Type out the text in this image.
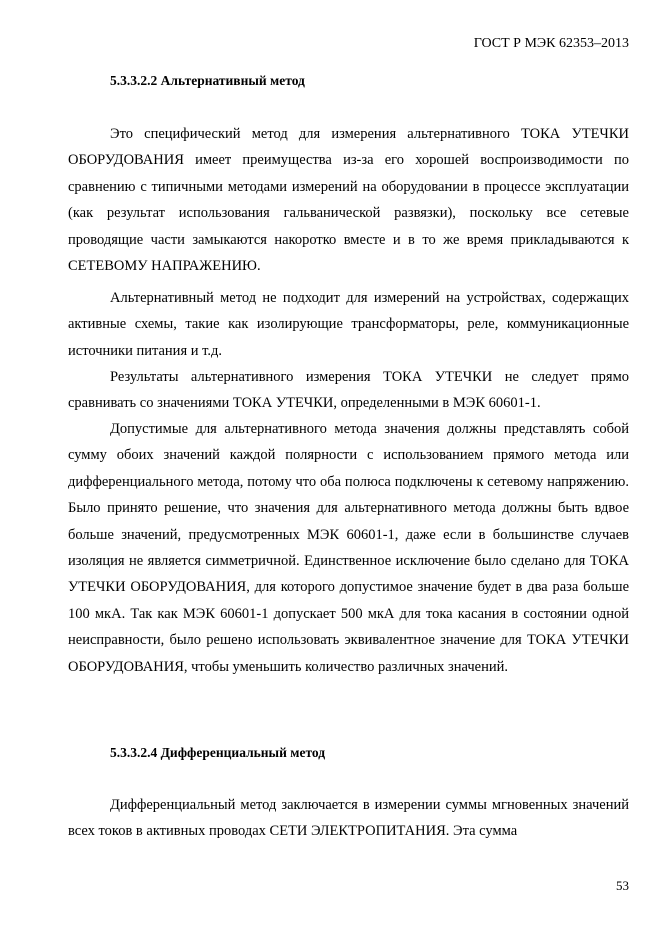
ГОСТ Р МЭК 62353–2013
5.3.3.2.2 Альтернативный метод

Это специфический метод для измерения альтернативного ТОКА УТЕЧКИ ОБОРУДОВАНИЯ имеет преимущества из-за его хорошей воспроизводимости по сравнению с типичными методами измерений на оборудовании в процессе эксплуатации (как результат использования гальванической развязки), поскольку все сетевые проводящие части замыкаются накоротко вместе и в то же время прикладываются к СЕТЕВОМУ НАПРАЖЕНИЮ.

Альтернативный метод не подходит для измерений на устройствах, содержащих активные схемы, такие как изолирующие трансформаторы, реле, коммуникационные источники питания и т.д.

Результаты альтернативного измерения ТОКА УТЕЧКИ не следует прямо сравнивать со значениями ТОКА УТЕЧКИ, определенными в МЭК 60601-1.

Допустимые для альтернативного метода значения должны представлять собой сумму обоих значений каждой полярности с использованием прямого метода или дифференциального метода, потому что оба полюса подключены к сетевому напряжению. Было принято решение, что значения для альтернативного метода должны быть вдвое больше значений, предусмотренных МЭК 60601-1, даже если в большинстве случаев изоляция не является симметричной. Единственное исключение было сделано для ТОКА УТЕЧКИ ОБОРУДОВАНИЯ, для которого допустимое значение будет в два раза больше 100 мкА. Так как МЭК 60601-1 допускает 500 мкА для тока касания в состоянии одной неисправности, было решено использовать эквивалентное значение для ТОКА УТЕЧКИ ОБОРУДОВАНИЯ, чтобы уменьшить количество различных значений.

5.3.3.2.4 Дифференциальный метод

Дифференциальный метод заключается в измерении суммы мгновенных значений всех токов в активных проводах СЕТИ ЭЛЕКТРОПИТАНИЯ. Эта сумма

53
